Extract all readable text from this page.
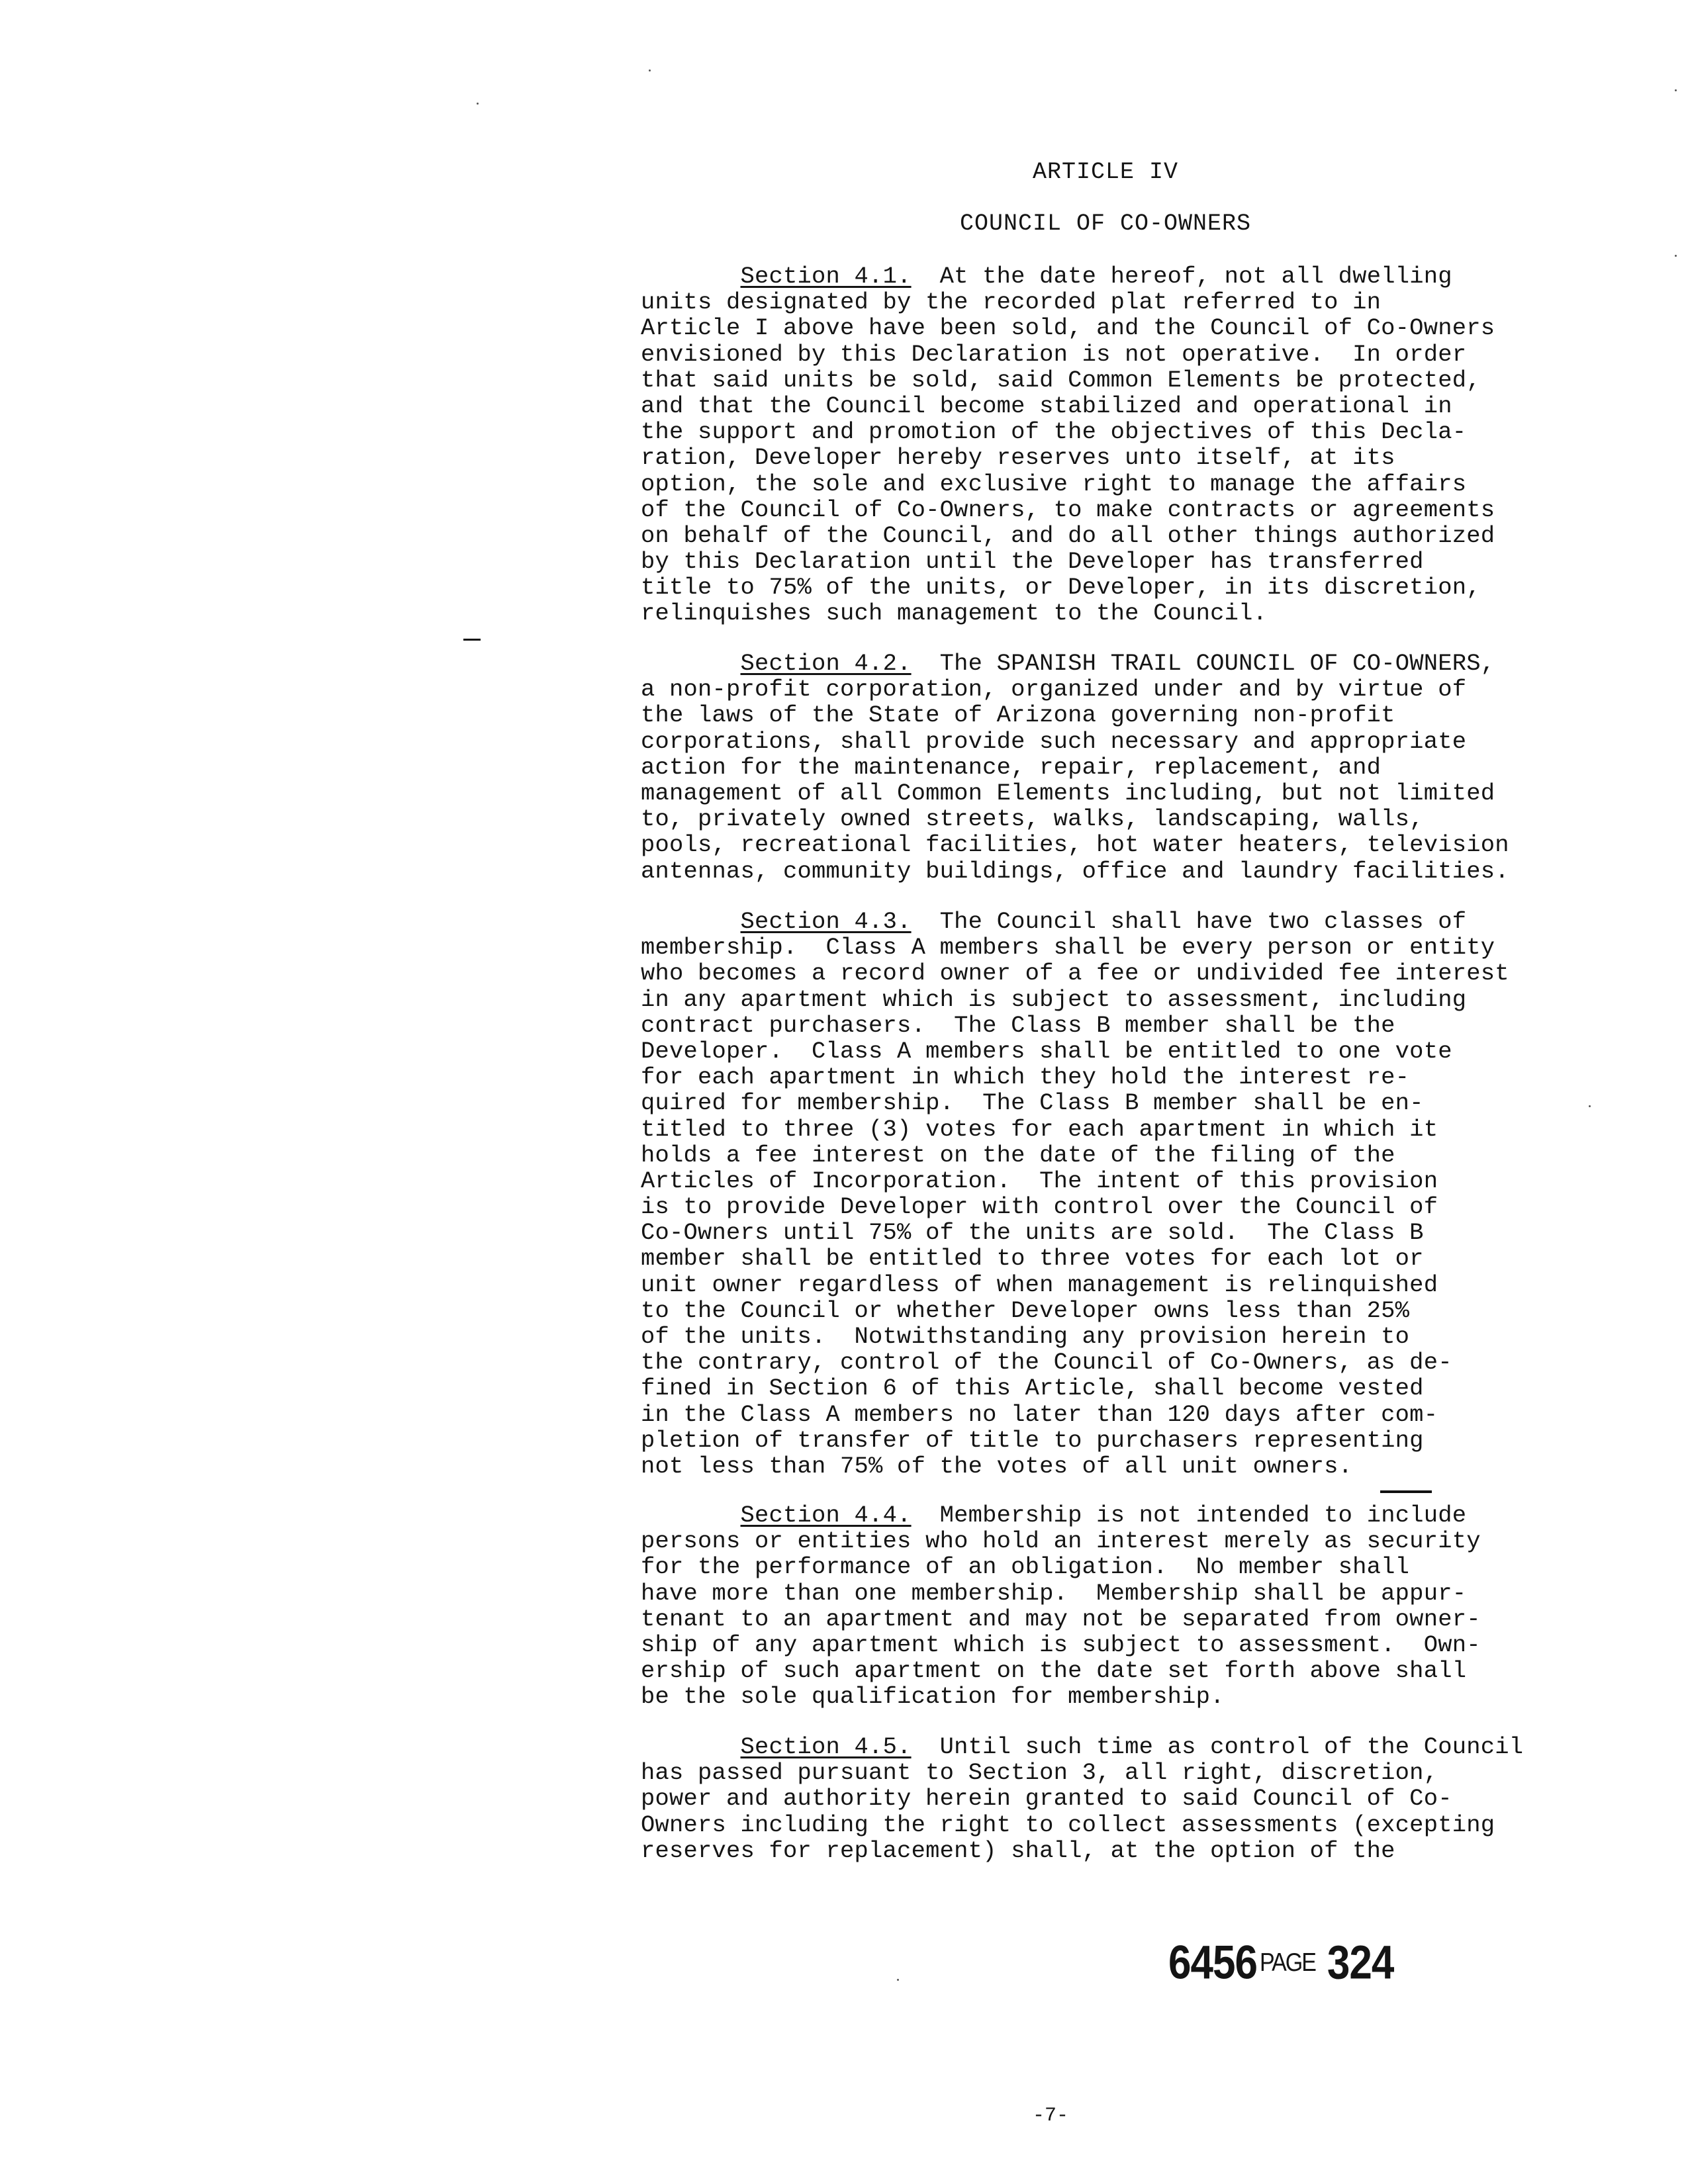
ARTICLE IV
COUNCIL OF CO-OWNERS
Section 4.1.  At the date hereof, not all dwelling
units designated by the recorded plat referred to in
Article I above have been sold, and the Council of Co-Owners
envisioned by this Declaration is not operative.  In order
that said units be sold, said Common Elements be protected,
and that the Council become stabilized and operational in
the support and promotion of the objectives of this Decla-
ration, Developer hereby reserves unto itself, at its
option, the sole and exclusive right to manage the affairs
of the Council of Co-Owners, to make contracts or agreements
on behalf of the Council, and do all other things authorized
by this Declaration until the Developer has transferred
title to 75% of the units, or Developer, in its discretion,
relinquishes such management to the Council.
Section 4.2.  The SPANISH TRAIL COUNCIL OF CO-OWNERS,
a non-profit corporation, organized under and by virtue of
the laws of the State of Arizona governing non-profit
corporations, shall provide such necessary and appropriate
action for the maintenance, repair, replacement, and
management of all Common Elements including, but not limited
to, privately owned streets, walks, landscaping, walls,
pools, recreational facilities, hot water heaters, television
antennas, community buildings, office and laundry facilities.
Section 4.3.  The Council shall have two classes of
membership.  Class A members shall be every person or entity
who becomes a record owner of a fee or undivided fee interest
in any apartment which is subject to assessment, including
contract purchasers.  The Class B member shall be the
Developer.  Class A members shall be entitled to one vote
for each apartment in which they hold the interest re-
quired for membership.  The Class B member shall be en-
titled to three (3) votes for each apartment in which it
holds a fee interest on the date of the filing of the
Articles of Incorporation.  The intent of this provision
is to provide Developer with control over the Council of
Co-Owners until 75% of the units are sold.  The Class B
member shall be entitled to three votes for each lot or
unit owner regardless of when management is relinquished
to the Council or whether Developer owns less than 25%
of the units.  Notwithstanding any provision herein to
the contrary, control of the Council of Co-Owners, as de-
fined in Section 6 of this Article, shall become vested
in the Class A members no later than 120 days after com-
pletion of transfer of title to purchasers representing
not less than 75% of the votes of all unit owners.
Section 4.4.  Membership is not intended to include
persons or entities who hold an interest merely as security
for the performance of an obligation.  No member shall
have more than one membership.  Membership shall be appur-
tenant to an apartment and may not be separated from owner-
ship of any apartment which is subject to assessment.  Own-
ership of such apartment on the date set forth above shall
be the sole qualification for membership.
Section 4.5.  Until such time as control of the Council
has passed pursuant to Section 3, all right, discretion,
power and authority herein granted to said Council of Co-
Owners including the right to collect assessments (excepting
reserves for replacement) shall, at the option of the
6456 PAGE 324
-7-
